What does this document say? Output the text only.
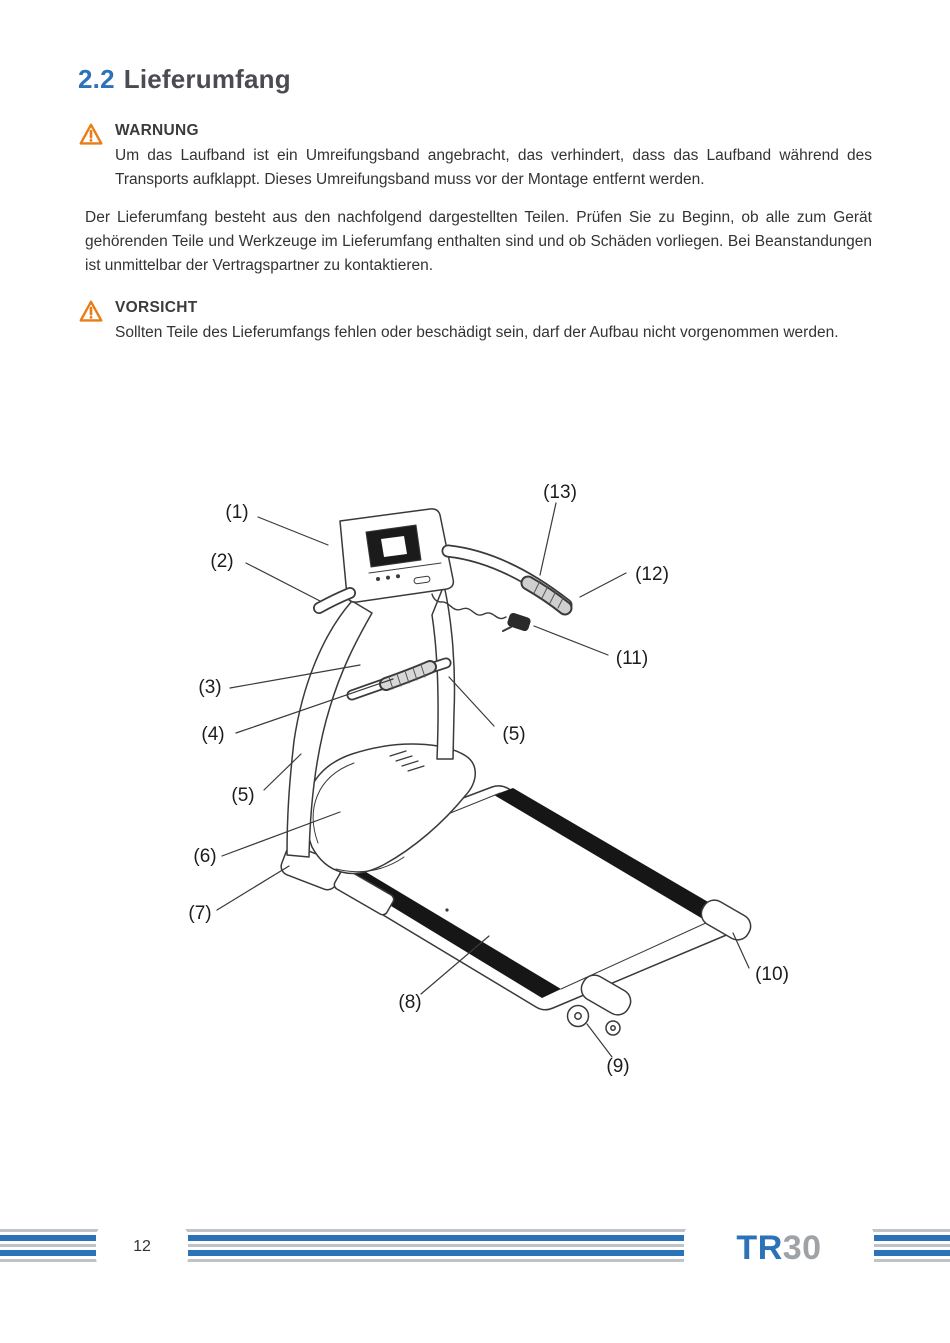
2.2 Lieferumfang
WARNUNG

Um das Laufband ist ein Umreifungsband angebracht, das verhindert, dass das Laufband während des Transports aufklappt. Dieses Umreifungsband muss vor der Montage entfernt werden.

Der Lieferumfang besteht aus den nachfolgend dargestellten Teilen. Prüfen Sie zu Beginn, ob alle zum Gerät gehörenden Teile und Werkzeuge im Lieferumfang enthalten sind und ob Schäden vorliegen. Bei Beanstandungen ist unmittelbar der Vertragspartner zu kontaktieren.

VORSICHT

Sollten Teile des Lieferumfangs fehlen oder beschädigt sein, darf der Aufbau nicht vorgenommen werden.

(1)
(2)
(3)
(4)	(5)
(5)
(6)
(7)
(8)
(9)
(10)
(11)
(12)
(13)
12	TR 30
